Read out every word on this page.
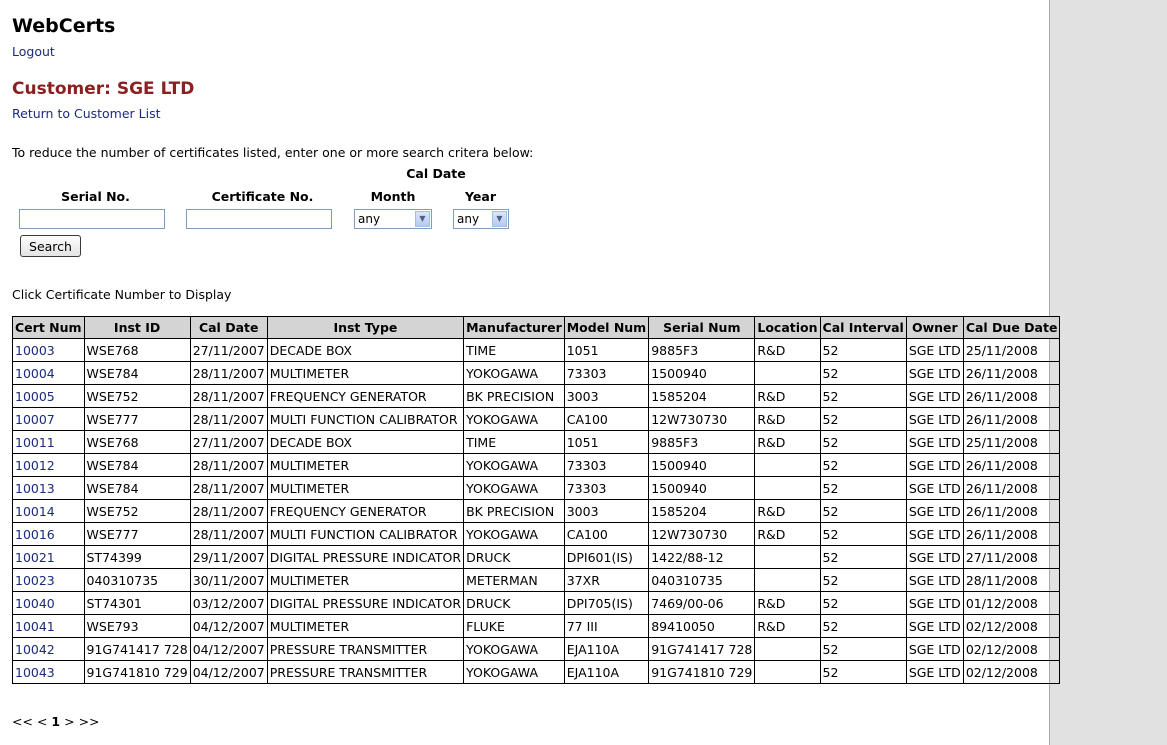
WebCerts
Logout
Customer: SGE LTD
Return to Customer List
To reduce the number of certificates listed, enter one or more search critera below:
Cal Date
Serial No.	Certificate No.	Month	Year
any	▼	any	▼
Search
Click Certificate Number to Display
Cert Num	Inst ID	Cal Date	Inst Type	Manufacturer	Model Num	Serial Num	Location	Cal Interval	Owner	Cal Due Date
10003	WSE768	27/11/2007	DECADE BOX	TIME	1051	9885F3	R&D	52	SGE LTD	25/11/2008
10004	WSE784	28/11/2007	MULTIMETER	YOKOGAWA	73303	1500940		52	SGE LTD	26/11/2008
10005	WSE752	28/11/2007	FREQUENCY GENERATOR	BK PRECISION	3003	1585204	R&D	52	SGE LTD	26/11/2008
10007	WSE777	28/11/2007	MULTI FUNCTION CALIBRATOR	YOKOGAWA	CA100	12W730730	R&D	52	SGE LTD	26/11/2008
10011	WSE768	27/11/2007	DECADE BOX	TIME	1051	9885F3	R&D	52	SGE LTD	25/11/2008
10012	WSE784	28/11/2007	MULTIMETER	YOKOGAWA	73303	1500940		52	SGE LTD	26/11/2008
10013	WSE784	28/11/2007	MULTIMETER	YOKOGAWA	73303	1500940		52	SGE LTD	26/11/2008
10014	WSE752	28/11/2007	FREQUENCY GENERATOR	BK PRECISION	3003	1585204	R&D	52	SGE LTD	26/11/2008
10016	WSE777	28/11/2007	MULTI FUNCTION CALIBRATOR	YOKOGAWA	CA100	12W730730	R&D	52	SGE LTD	26/11/2008
10021	ST74399	29/11/2007	DIGITAL PRESSURE INDICATOR	DRUCK	DPI601(IS)	1422/88-12		52	SGE LTD	27/11/2008
10023	040310735	30/11/2007	MULTIMETER	METERMAN	37XR	040310735		52	SGE LTD	28/11/2008
10040	ST74301	03/12/2007	DIGITAL PRESSURE INDICATOR	DRUCK	DPI705(IS)	7469/00-06	R&D	52	SGE LTD	01/12/2008
10041	WSE793	04/12/2007	MULTIMETER	FLUKE	77 III	89410050	R&D	52	SGE LTD	02/12/2008
10042	91G741417 728	04/12/2007	PRESSURE TRANSMITTER	YOKOGAWA	EJA110A	91G741417 728		52	SGE LTD	02/12/2008
10043	91G741810 729	04/12/2007	PRESSURE TRANSMITTER	YOKOGAWA	EJA110A	91G741810 729		52	SGE LTD	02/12/2008
<< < 1 > >>
